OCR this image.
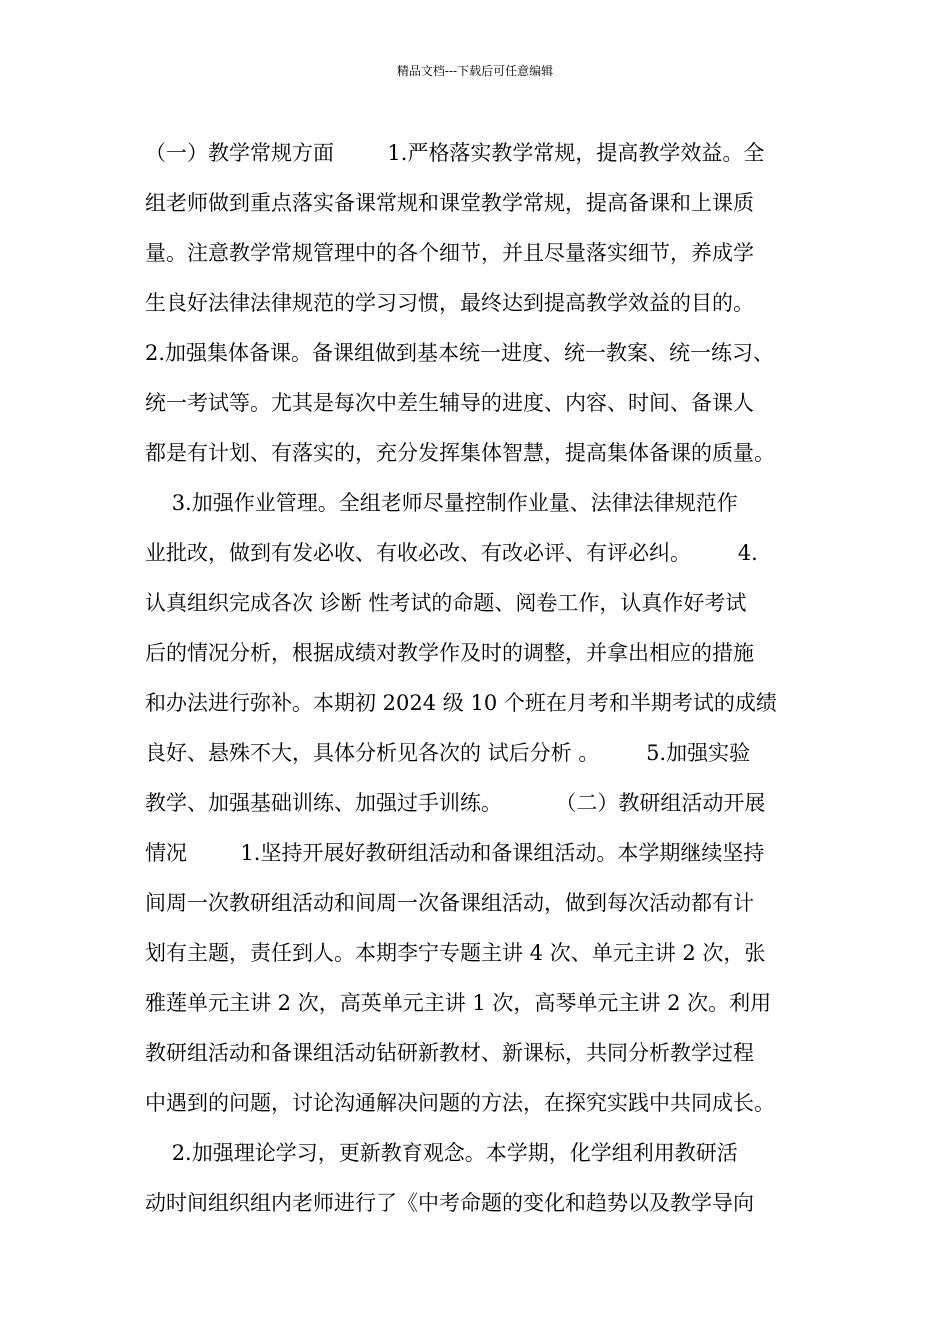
精品文档---下载后可任意编辑
（一）教学常规方面        1.严格落实教学常规，提高教学效益。全
组老师做到重点落实备课常规和课堂教学常规，提高备课和上课质
量。注意教学常规管理中的各个细节，并且尽量落实细节，养成学
生良好法律法律规范的学习习惯，最终达到提高教学效益的目的。
2.加强集体备课。备课组做到基本统一进度、统一教案、统一练习、
统一考试等。尤其是每次中差生辅导的进度、内容、时间、备课人
都是有计划、有落实的，充分发挥集体智慧，提高集体备课的质量。
3.加强作业管理。全组老师尽量控制作业量、法律法律规范作
业批改，做到有发必收、有收必改、有改必评、有评必纠。       4.
认真组织完成各次 诊断 性考试的命题、阅卷工作，认真作好考试
后的情况分析，根据成绩对教学作及时的调整，并拿出相应的措施
和办法进行弥补。本期初 2024 级 10 个班在月考和半期考试的成绩
良好、悬殊不大，具体分析见各次的 试后分析 。       5.加强实验
教学、加强基础训练、加强过手训练。        （二）教研组活动开展
情况        1.坚持开展好教研组活动和备课组活动。本学期继续坚持
间周一次教研组活动和间周一次备课组活动，做到每次活动都有计
划有主题，责任到人。本期李宁专题主讲 4 次、单元主讲 2 次，张
雅莲单元主讲 2 次，高英单元主讲 1 次，高琴单元主讲 2 次。利用
教研组活动和备课组活动钻研新教材、新课标，共同分析教学过程
中遇到的问题，讨论沟通解决问题的方法，在探究实践中共同成长。
2.加强理论学习，更新教育观念。本学期，化学组利用教研活
动时间组织组内老师进行了《中考命题的变化和趋势以及教学导向
